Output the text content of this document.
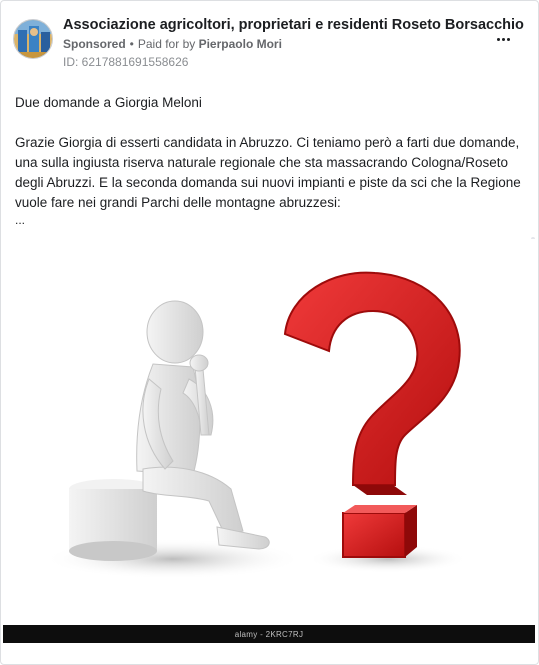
Associazione agricoltori, proprietari e residenti Roseto Borsacchio
Sponsored • Paid for by Pierpaolo Mori
ID: 6217881691558626
Due domande a Giorgia Meloni
Grazie Giorgia di esserti candidata in Abruzzo. Ci teniamo però a farti due domande, una sulla ingiusta riserva naturale regionale che sta massacrando Cologna/Roseto degli Abruzzi. E la seconda domanda sui nuovi impianti e piste da sci che la Regione vuole fare nei grandi Parchi delle montagne abruzzesi:
...
alamy - 2KRC7RJ
